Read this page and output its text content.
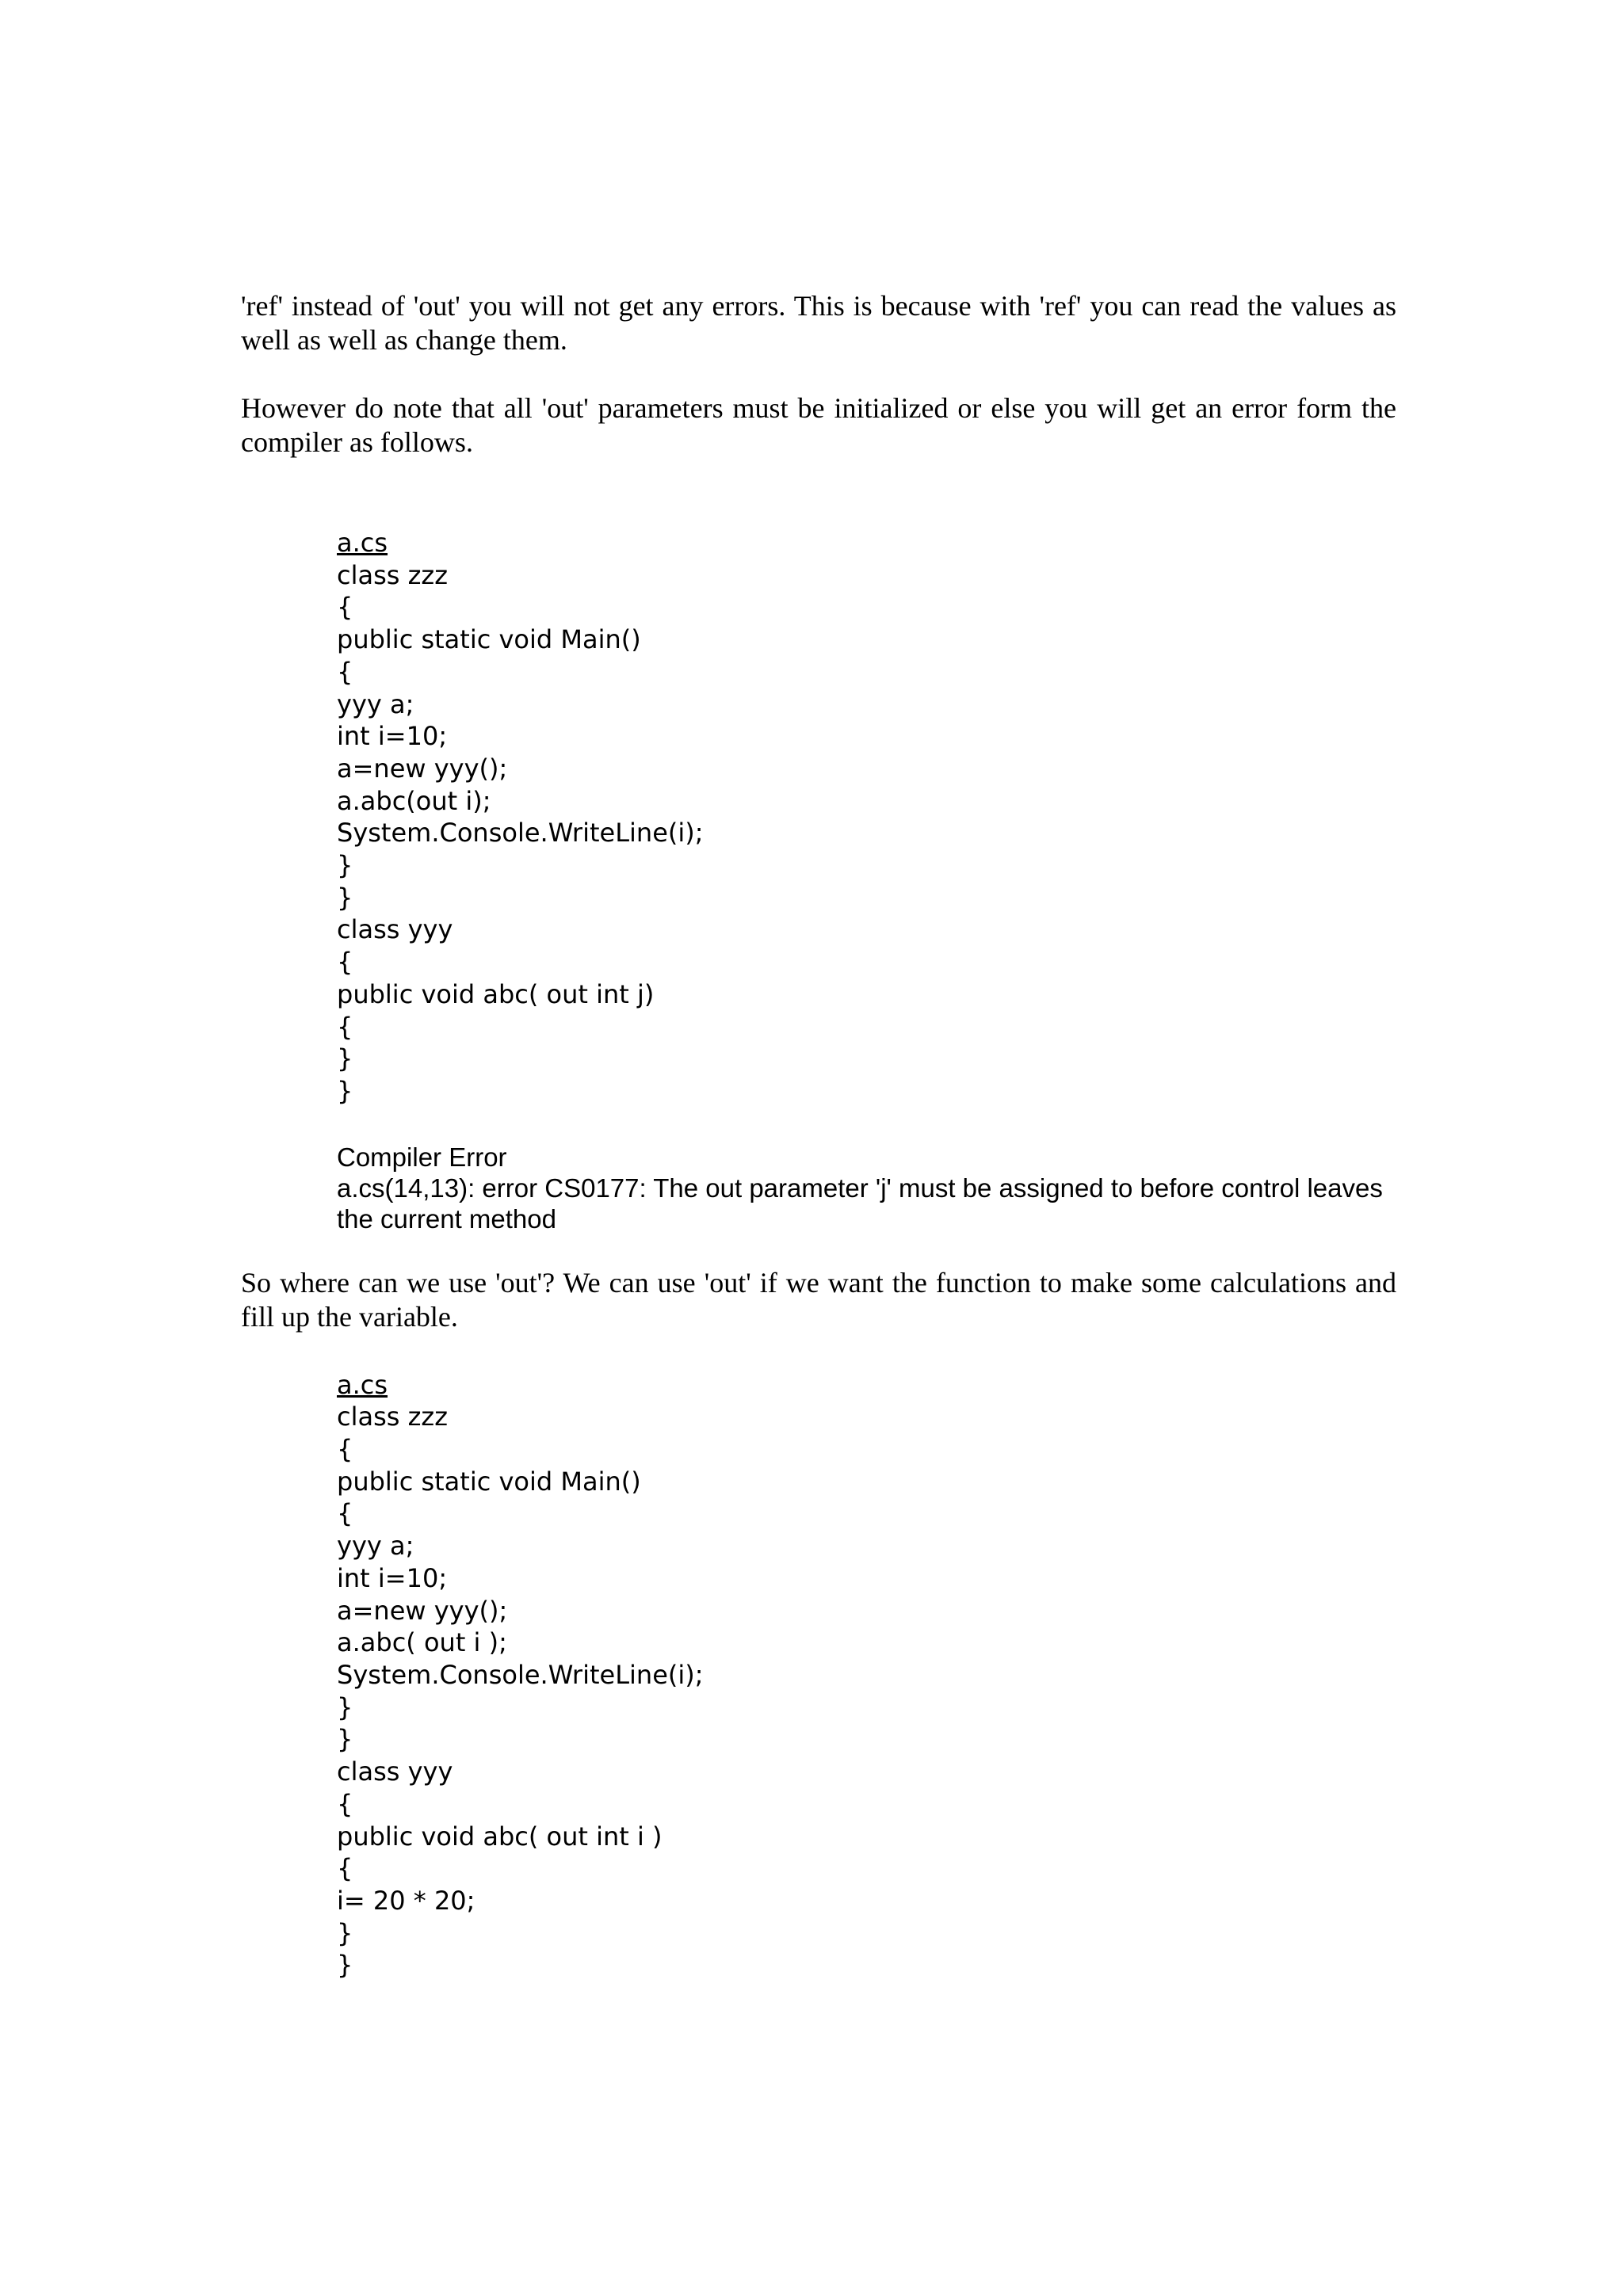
'ref' instead of 'out' you will not get any errors. This is because with 'ref' you can read the values as well as well as change them.

However do note that all 'out' parameters must be initialized or else you will get an error form the compiler as follows.

a.cs
class zzz
{
public static void Main()
{
yyy a;
int i=10;
a=new yyy();
a.abc(out i);
System.Console.WriteLine(i);
}
}
class yyy
{
public void abc( out int j)
{
}
}
Compiler Error
a.cs(14,13): error CS0177: The out parameter 'j' must be assigned to before control leaves the current method

So where can we use 'out'? We can use 'out' if we want the function to make some calculations and fill up the variable.

a.cs
class zzz
{
public static void Main()
{
yyy a;
int i=10;
a=new yyy();
a.abc( out i );
System.Console.WriteLine(i);
}
}
class yyy
{
public void abc( out int i )
{
i= 20 * 20;
}
}
